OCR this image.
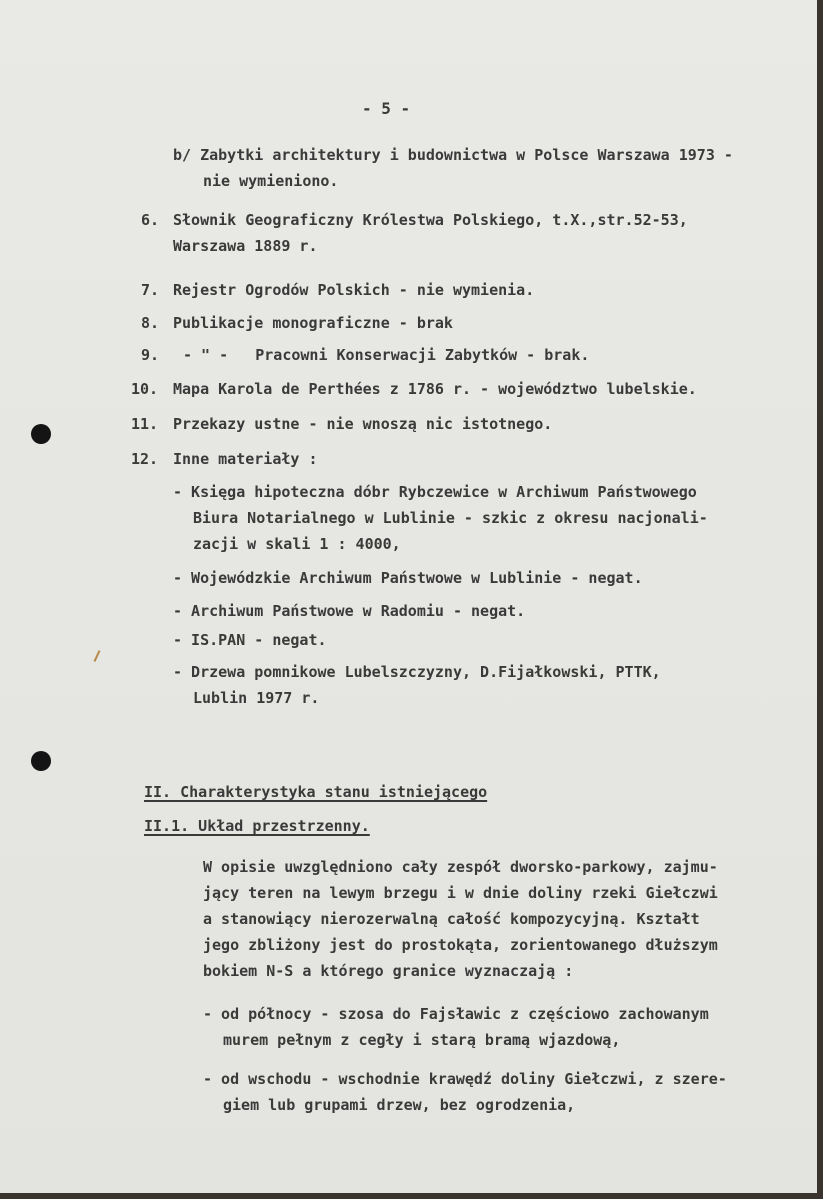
- 5 -
b/ Zabytki architektury i budownictwa w Polsce Warszawa 1973 -
nie wymieniono.
6. Słownik Geograficzny Królestwa Polskiego, t.X.,str.52-53,
Warszawa 1889 r.
7. Rejestr Ogrodów Polskich - nie wymienia.
8. Publikacje monograficzne - brak
9. - " -   Pracowni Konserwacji Zabytków - brak.
10. Mapa Karola de Perthées z 1786 r. - województwo lubelskie.
11. Przekazy ustne - nie wnoszą nic istotnego.
12. Inne materiały :
- Księga hipoteczna dóbr Rybczewice w Archiwum Państwowego
Biura Notarialnego w Lublinie - szkic z okresu nacjonali-
zacji w skali 1 : 4000,
- Wojewódzkie Archiwum Państwowe w Lublinie - negat.
- Archiwum Państwowe w Radomiu - negat.
- IS.PAN - negat.
- Drzewa pomnikowe Lubelszczyzny, D.Fijałkowski, PTTK,
Lublin 1977 r.
II. Charakterystyka stanu istniejącego
II.1. Układ przestrzenny.
W opisie uwzględniono cały zespół dworsko-parkowy, zajmu-
jący teren na lewym brzegu i w dnie doliny rzeki Giełczwi
a stanowiący nierozerwalną całość kompozycyjną. Kształt
jego zbliżony jest do prostokąta, zorientowanego dłuższym
bokiem N-S a którego granice wyznaczają :
- od północy - szosa do Fajsławic z częściowo zachowanym
murem pełnym z cegły i starą bramą wjazdową,
- od wschodu - wschodnie krawędź doliny Giełczwi, z szere-
giem lub grupami drzew, bez ogrodzenia,
